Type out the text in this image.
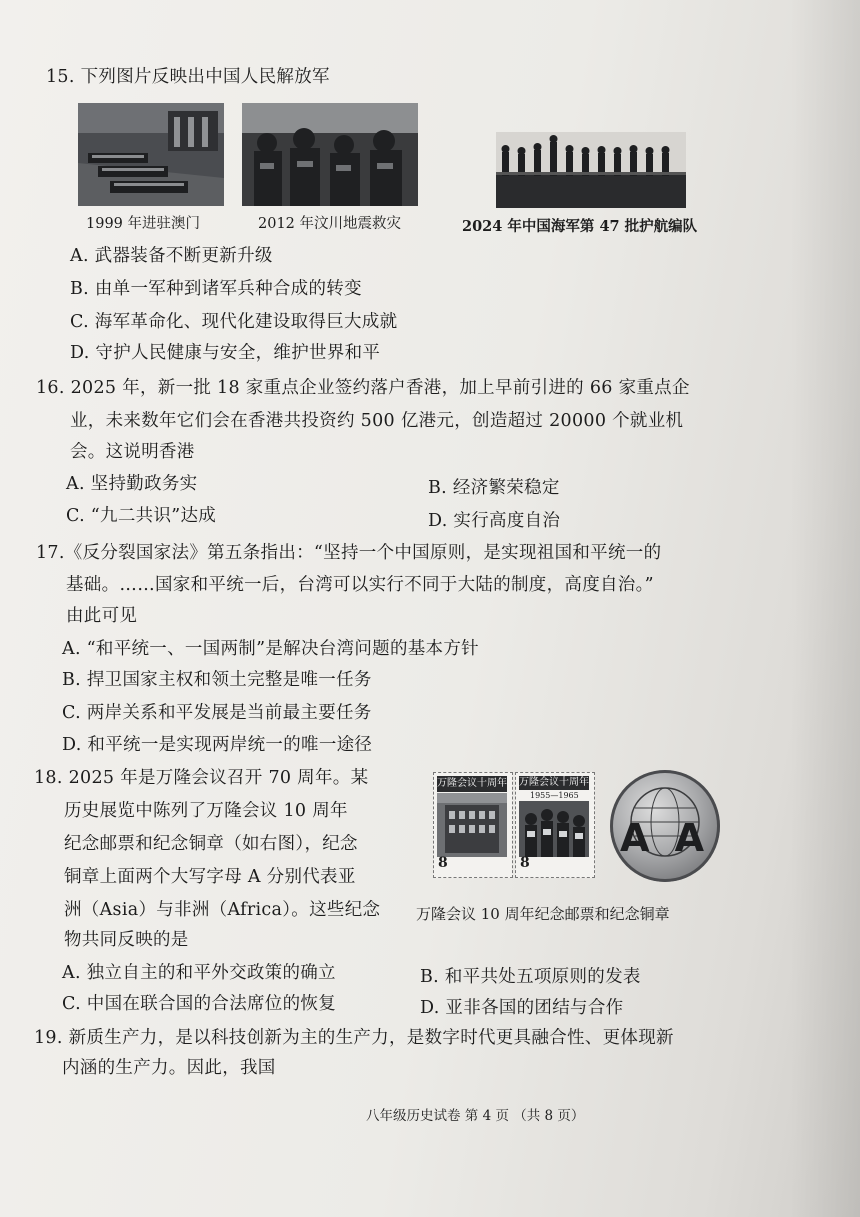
15. 下列图片反映出中国人民解放军
1999 年进驻澳门	2012 年汶川地震救灾	2024 年中国海军第 47 批护航编队
A. 武器装备不断更新升级
B. 由单一军种到诸军兵种合成的转变
C. 海军革命化、现代化建设取得巨大成就
D. 守护人民健康与安全，维护世界和平
16. 2025 年，新一批 18 家重点企业签约落户香港，加上早前引进的 66 家重点企
业，未来数年它们会在香港共投资约 500 亿港元，创造超过 20000 个就业机
会。这说明香港
A. 坚持勤政务实	B. 经济繁荣稳定
C. “九二共识”达成	D. 实行高度自治
17.《反分裂国家法》第五条指出：“坚持一个中国原则，是实现祖国和平统一的
基础。……国家和平统一后，台湾可以实行不同于大陆的制度，高度自治。”
由此可见
A. “和平统一、一国两制”是解决台湾问题的基本方针
B. 捍卫国家主权和领土完整是唯一任务
C. 两岸关系和平发展是当前最主要任务
D. 和平统一是实现两岸统一的唯一途径
18. 2025 年是万隆会议召开 70 周年。某
历史展览中陈列了万隆会议 10 周年
纪念邮票和纪念铜章（如右图），纪念
铜章上面两个大写字母 A 分别代表亚
洲（Asia）与非洲（Africa）。这些纪念
物共同反映的是
万隆会议十周年
8
万隆会议十周年
1955—1965
8
A A
万隆会议 10 周年纪念邮票和纪念铜章
A. 独立自主的和平外交政策的确立	B. 和平共处五项原则的发表
C. 中国在联合国的合法席位的恢复	D. 亚非各国的团结与合作
19. 新质生产力，是以科技创新为主的生产力，是数字时代更具融合性、更体现新
内涵的生产力。因此，我国
八年级历史试卷 第 4 页 （共 8 页）
